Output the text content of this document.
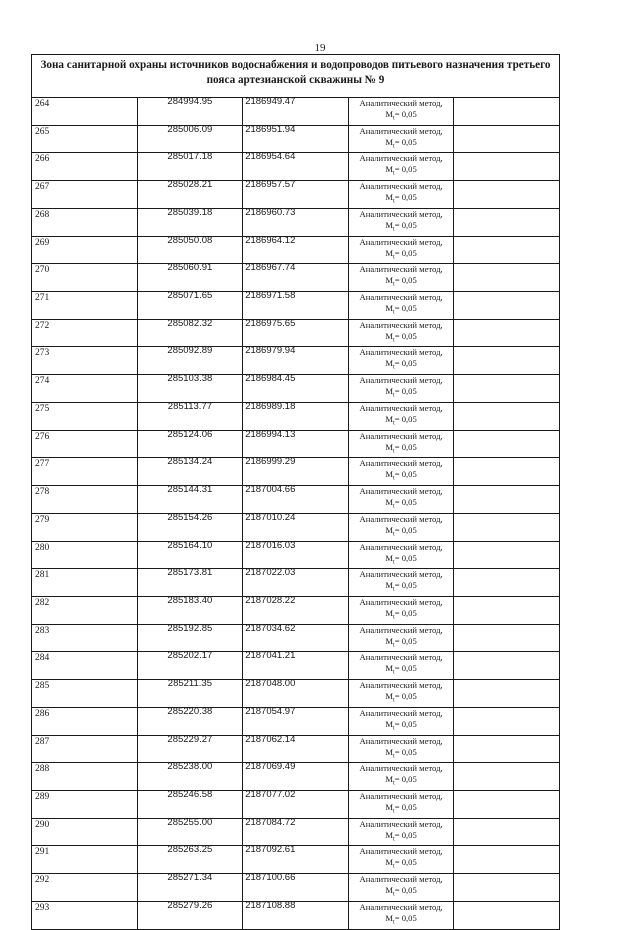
19
Зона санитарной охраны источников водоснабжения и водопроводов питьевого назначения третьего пояса артезианской скважины № 9				
264	284994.95	2186949.47	Аналитический метод,
$M_t= 0,05$	

265	285006.09	2186951.94	Аналитический метод,
$M_t= 0,05$	

266	285017.18	2186954.64	Аналитический метод,
$M_t= 0,05$	

267	285028.21	2186957.57	Аналитический метод,
$M_t= 0,05$	

268	285039.18	2186960.73	Аналитический метод,
$M_t= 0,05$	

269	285050.08	2186964.12	Аналитический метод,
$M_t= 0,05$	

270	285060.91	2186967.74	Аналитический метод,
$M_t= 0,05$	

271	285071.65	2186971.58	Аналитический метод,
$M_t= 0,05$	

272	285082.32	2186975.65	Аналитический метод,
$M_t= 0,05$	

273	285092.89	2186979.94	Аналитический метод,
$M_t= 0,05$	

274	285103.38	2186984.45	Аналитический метод,
$M_t= 0,05$	

275	285113.77	2186989.18	Аналитический метод,
$M_t= 0,05$	

276	285124.06	2186994.13	Аналитический метод,
$M_t= 0,05$	

277	285134.24	2186999.29	Аналитический метод,
$M_t= 0,05$	

278	285144.31	2187004.66	Аналитический метод,
$M_t= 0,05$	

279	285154.26	2187010.24	Аналитический метод,
$M_t= 0,05$	

280	285164.10	2187016.03	Аналитический метод,
$M_t= 0,05$	

281	285173.81	2187022.03	Аналитический метод,
$M_t= 0,05$	

282	285183.40	2187028.22	Аналитический метод,
$M_t= 0,05$	

283	285192.85	2187034.62	Аналитический метод,
$M_t= 0,05$	

284	285202.17	2187041.21	Аналитический метод,
$M_t= 0,05$	

285	285211.35	2187048.00	Аналитический метод,
$M_t= 0,05$	

286	285220.38	2187054.97	Аналитический метод,
$M_t= 0,05$	

287	285229.27	2187062.14	Аналитический метод,
$M_t= 0,05$	

288	285238.00	2187069.49	Аналитический метод,
$M_t= 0,05$	

289	285246.58	2187077.02	Аналитический метод,
$M_t= 0,05$	

290	285255.00	2187084.72	Аналитический метод,
$M_t= 0,05$	

291	285263.25	2187092.61	Аналитический метод,
$M_t= 0,05$	

292	285271.34	2187100.66	Аналитический метод,
$M_t= 0,05$	

293	285279.26	2187108.88	Аналитический метод,
$M_t= 0,05$	
